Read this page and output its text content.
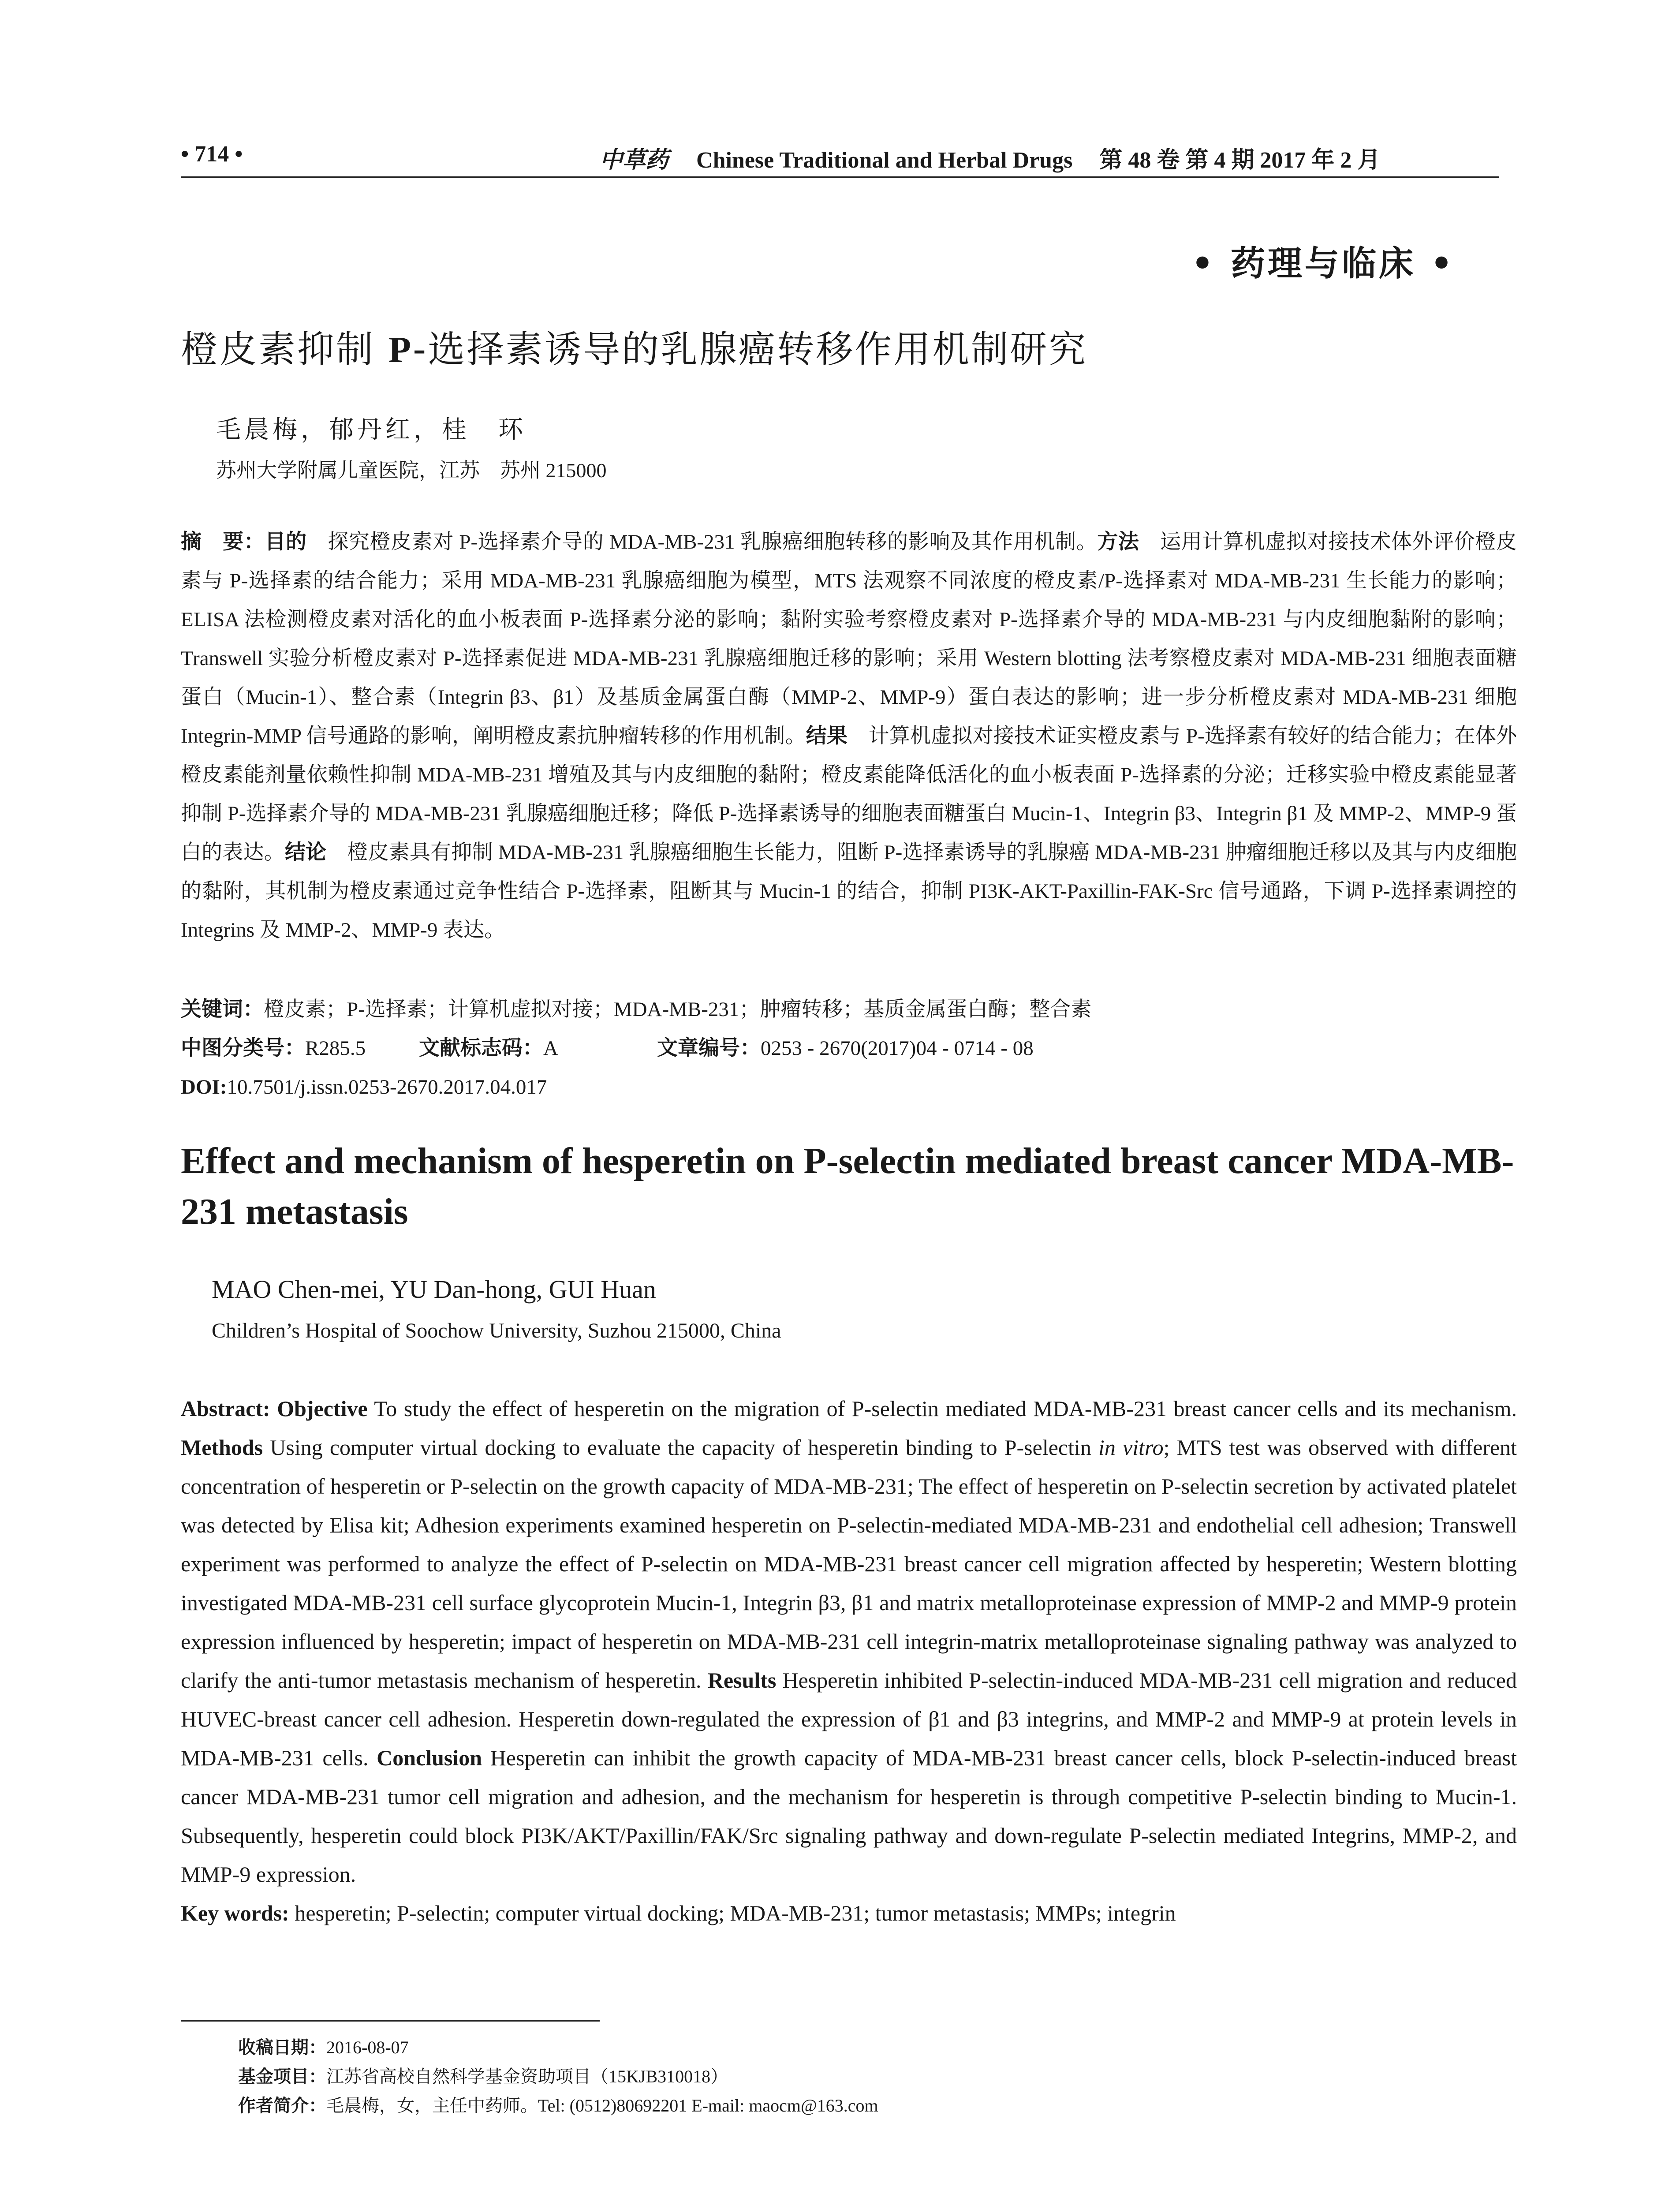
• 714 •	中草药 Chinese Traditional and Herbal Drugs 第 48 卷 第 4 期 2017 年 2 月
• 药理与临床 •
橙皮素抑制 P-选择素诱导的乳腺癌转移作用机制研究
毛晨梅，郁丹红，桂　环
苏州大学附属儿童医院，江苏　苏州 215000
摘　要：目的　探究橙皮素对 P-选择素介导的 MDA-MB-231 乳腺癌细胞转移的影响及其作用机制。方法　运用计算机虚拟对接技术体外评价橙皮素与 P-选择素的结合能力；采用 MDA-MB-231 乳腺癌细胞为模型，MTS 法观察不同浓度的橙皮素/P-选择素对 MDA-MB-231 生长能力的影响；ELISA 法检测橙皮素对活化的血小板表面 P-选择素分泌的影响；黏附实验考察橙皮素对 P-选择素介导的 MDA-MB-231 与内皮细胞黏附的影响；Transwell 实验分析橙皮素对 P-选择素促进 MDA-MB-231 乳腺癌细胞迁移的影响；采用 Western blotting 法考察橙皮素对 MDA-MB-231 细胞表面糖蛋白（Mucin-1）、整合素（Integrin β3、β1）及基质金属蛋白酶（MMP-2、MMP-9）蛋白表达的影响；进一步分析橙皮素对 MDA-MB-231 细胞 Integrin-MMP 信号通路的影响，阐明橙皮素抗肿瘤转移的作用机制。结果　计算机虚拟对接技术证实橙皮素与 P-选择素有较好的结合能力；在体外橙皮素能剂量依赖性抑制 MDA-MB-231 增殖及其与内皮细胞的黏附；橙皮素能降低活化的血小板表面 P-选择素的分泌；迁移实验中橙皮素能显著抑制 P-选择素介导的 MDA-MB-231 乳腺癌细胞迁移；降低 P-选择素诱导的细胞表面糖蛋白 Mucin-1、Integrin β3、Integrin β1 及 MMP-2、MMP-9 蛋白的表达。结论　橙皮素具有抑制 MDA-MB-231 乳腺癌细胞生长能力，阻断 P-选择素诱导的乳腺癌 MDA-MB-231 肿瘤细胞迁移以及其与内皮细胞的黏附，其机制为橙皮素通过竞争性结合 P-选择素，阻断其与 Mucin-1 的结合，抑制 PI3K-AKT-Paxillin-FAK-Src 信号通路，下调 P-选择素调控的 Integrins 及 MMP-2、MMP-9 表达。
关键词：橙皮素；P-选择素；计算机虚拟对接；MDA-MB-231；肿瘤转移；基质金属蛋白酶；整合素
中图分类号：R285.5	文献标志码：A	文章编号：0253 - 2670(2017)04 - 0714 - 08
DOI:10.7501/j.issn.0253-2670.2017.04.017
Effect and mechanism of hesperetin on P-selectin mediated breast cancer MDA-MB-231 metastasis
MAO Chen-mei, YU Dan-hong, GUI Huan
Children’s Hospital of Soochow University, Suzhou 215000, China
Abstract: Objective To study the effect of hesperetin on the migration of P-selectin mediated MDA-MB-231 breast cancer cells and its mechanism. Methods Using computer virtual docking to evaluate the capacity of hesperetin binding to P-selectin in vitro; MTS test was observed with different concentration of hesperetin or P-selectin on the growth capacity of MDA-MB-231; The effect of hesperetin on P-selectin secretion by activated platelet was detected by Elisa kit; Adhesion experiments examined hesperetin on P-selectin-mediated MDA-MB-231 and endothelial cell adhesion; Transwell experiment was performed to analyze the effect of P-selectin on MDA-MB-231 breast cancer cell migration affected by hesperetin; Western blotting investigated MDA-MB-231 cell surface glycoprotein Mucin-1, Integrin β3, β1 and matrix metalloproteinase expression of MMP-2 and MMP-9 protein expression influenced by hesperetin; impact of hesperetin on MDA-MB-231 cell integrin-matrix metalloproteinase signaling pathway was analyzed to clarify the anti-tumor metastasis mechanism of hesperetin. Results Hesperetin inhibited P-selectin-induced MDA-MB-231 cell migration and reduced HUVEC-breast cancer cell adhesion. Hesperetin down-regulated the expression of β1 and β3 integrins, and MMP-2 and MMP-9 at protein levels in MDA-MB-231 cells. Conclusion Hesperetin can inhibit the growth capacity of MDA-MB-231 breast cancer cells, block P-selectin-induced breast cancer MDA-MB-231 tumor cell migration and adhesion, and the mechanism for hesperetin is through competitive P-selectin binding to Mucin-1. Subsequently, hesperetin could block PI3K/AKT/Paxillin/FAK/Src signaling pathway and down-regulate P-selectin mediated Integrins, MMP-2, and MMP-9 expression.
Key words: hesperetin; P-selectin; computer virtual docking; MDA-MB-231; tumor metastasis; MMPs; integrin
收稿日期：2016-08-07
基金项目：江苏省高校自然科学基金资助项目（15KJB310018）
作者简介：毛晨梅，女，主任中药师。Tel: (0512)80692201 E-mail: maocm@163.com
